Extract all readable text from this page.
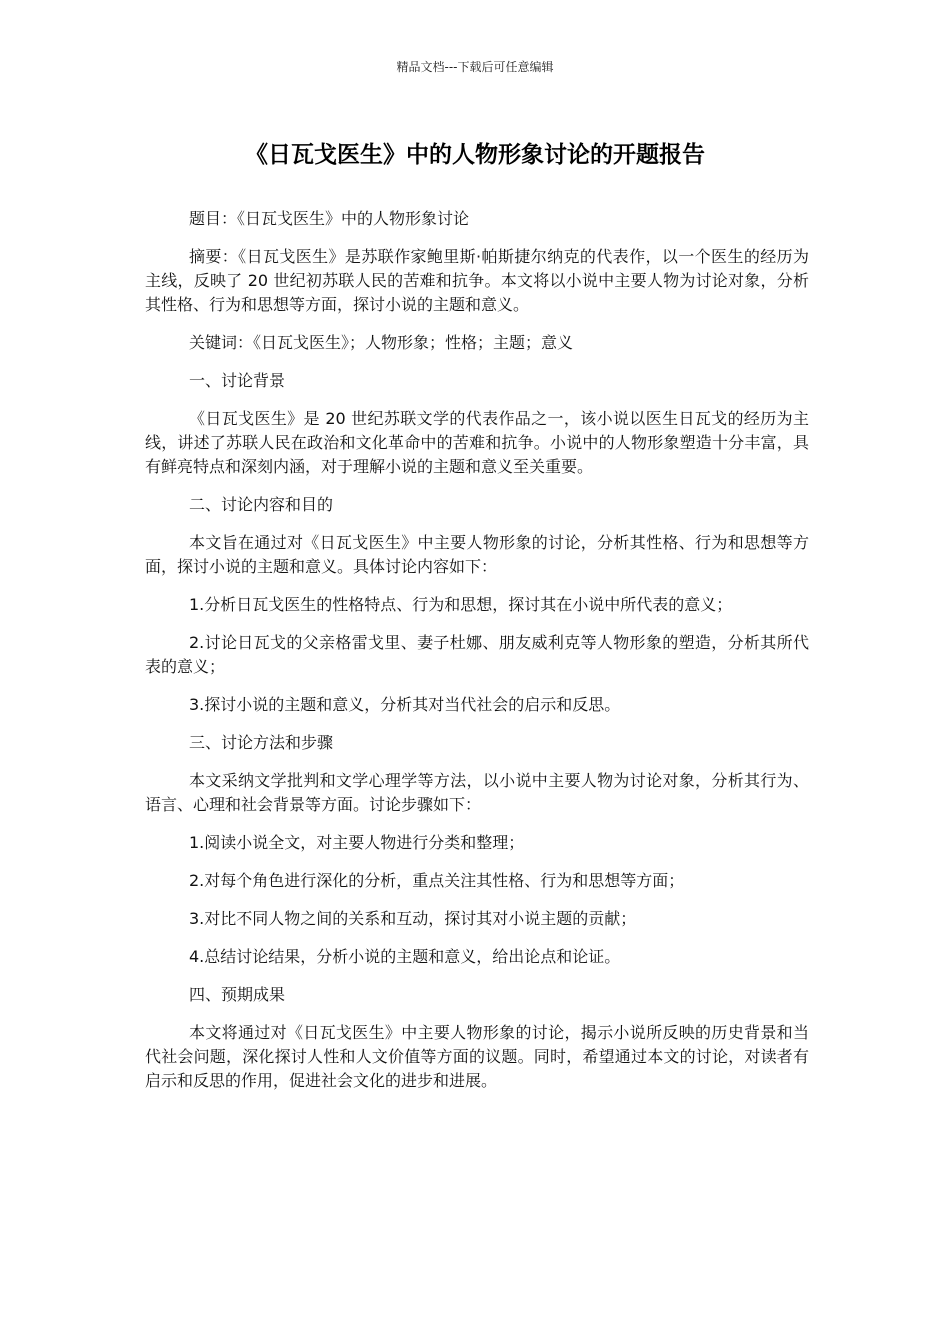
精品文档---下载后可任意编辑
《日瓦戈医生》中的人物形象讨论的开题报告

题目：《日瓦戈医生》中的人物形象讨论

摘要：《日瓦戈医生》是苏联作家鲍里斯·帕斯捷尔纳克的代表作，以一个医生的经历为主线，反映了 20 世纪初苏联人民的苦难和抗争。本文将以小说中主要人物为讨论对象，分析其性格、行为和思想等方面，探讨小说的主题和意义。

关键词：《日瓦戈医生》；人物形象；性格；主题；意义

一、讨论背景

《日瓦戈医生》是 20 世纪苏联文学的代表作品之一，该小说以医生日瓦戈的经历为主线，讲述了苏联人民在政治和文化革命中的苦难和抗争。小说中的人物形象塑造十分丰富，具有鲜亮特点和深刻内涵，对于理解小说的主题和意义至关重要。

二、讨论内容和目的

本文旨在通过对《日瓦戈医生》中主要人物形象的讨论，分析其性格、行为和思想等方面，探讨小说的主题和意义。具体讨论内容如下：

1.分析日瓦戈医生的性格特点、行为和思想，探讨其在小说中所代表的意义；

2.讨论日瓦戈的父亲格雷戈里、妻子杜娜、朋友威利克等人物形象的塑造，分析其所代表的意义；

3.探讨小说的主题和意义，分析其对当代社会的启示和反思。

三、讨论方法和步骤

本文采纳文学批判和文学心理学等方法，以小说中主要人物为讨论对象，分析其行为、语言、心理和社会背景等方面。讨论步骤如下：

1.阅读小说全文，对主要人物进行分类和整理；

2.对每个角色进行深化的分析，重点关注其性格、行为和思想等方面；

3.对比不同人物之间的关系和互动，探讨其对小说主题的贡献；

4.总结讨论结果，分析小说的主题和意义，给出论点和论证。

四、预期成果

本文将通过对《日瓦戈医生》中主要人物形象的讨论，揭示小说所反映的历史背景和当代社会问题，深化探讨人性和人文价值等方面的议题。同时，希望通过本文的讨论，对读者有启示和反思的作用，促进社会文化的进步和进展。
